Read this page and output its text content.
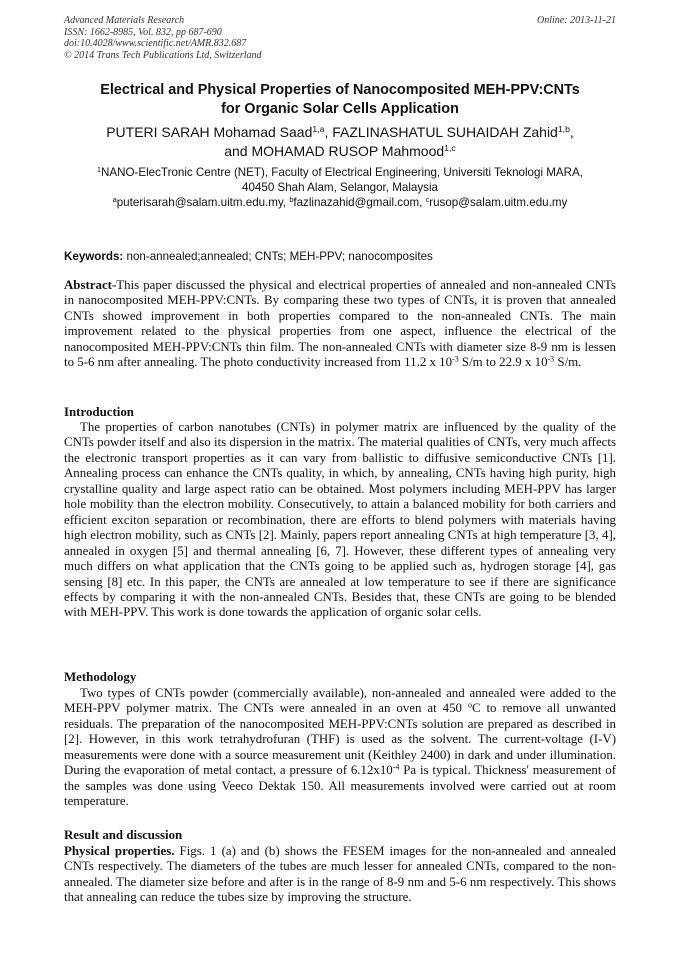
Advanced Materials Research
ISSN: 1662-8985, Vol. 832, pp 687-690
doi:10.4028/www.scientific.net/AMR.832.687
© 2014 Trans Tech Publications Ltd, Switzerland
Online: 2013-11-21
Electrical and Physical Properties of Nanocomposited MEH-PPV:CNTs
for Organic Solar Cells Application
PUTERI SARAH Mohamad Saad$^{1,a}$, FAZLINASHATUL SUHAIDAH Zahid$^{1,b}$,
and MOHAMAD RUSOP Mahmood$^{1,c}$
$^1$NANO-ElecTronic Centre (NET), Faculty of Electrical Engineering, Universiti Teknologi MARA,
40450 Shah Alam, Selangor, Malaysia
$^a$puterisarah@salam.uitm.edu.my, $^b$fazlinazahid@gmail.com, $^c$rusop@salam.uitm.edu.my
Keywords: non-annealed;annealed; CNTs; MEH-PPV; nanocomposites

Abstract-This paper discussed the physical and electrical properties of annealed and non-annealed CNTs in nanocomposited MEH-PPV:CNTs. By comparing these two types of CNTs, it is proven that annealed CNTs showed improvement in both properties compared to the non-annealed CNTs. The main improvement related to the physical properties from one aspect, influence the electrical of the nanocomposited MEH-PPV:CNTs thin film. The non-annealed CNTs with diameter size 8-9 nm is lessen to 5-6 nm after annealing. The photo conductivity increased from 11.2 x $10^{-3}$ S/m to 22.9 x $10^{-3}$ S/m.

Introduction

The properties of carbon nanotubes (CNTs) in polymer matrix are influenced by the quality of the CNTs powder itself and also its dispersion in the matrix. The material qualities of CNTs, very much affects the electronic transport properties as it can vary from ballistic to diffusive semiconductive CNTs [1]. Annealing process can enhance the CNTs quality, in which, by annealing, CNTs having high purity, high crystalline quality and large aspect ratio can be obtained. Most polymers including MEH-PPV has larger hole mobility than the electron mobility. Consecutively, to attain a balanced mobility for both carriers and efficient exciton separation or recombination, there are efforts to blend polymers with materials having high electron mobility, such as CNTs [2]. Mainly, papers report annealing CNTs at high temperature [3, 4], annealed in oxygen [5] and thermal annealing [6, 7]. However, these different types of annealing very much differs on what application that the CNTs going to be applied such as, hydrogen storage [4], gas sensing [8] etc. In this paper, the CNTs are annealed at low temperature to see if there are significance effects by comparing it with the non-annealed CNTs. Besides that, these CNTs are going to be blended with MEH-PPV. This work is done towards the application of organic solar cells.

Methodology

Two types of CNTs powder (commercially available), non-annealed and annealed were added to the MEH-PPV polymer matrix. The CNTs were annealed in an oven at 450 $^o$C to remove all unwanted residuals. The preparation of the nanocomposited MEH-PPV:CNTs solution are prepared as described in [2]. However, in this work tetrahydrofuran (THF) is used as the solvent. The current-voltage (I-V) measurements were done with a source measurement unit (Keithley 2400) in dark and under illumination. During the evaporation of metal contact, a pressure of $6.12x10^{-4}$ Pa is typical. Thickness' measurement of the samples was done using Veeco Dektak 150. All measurements involved were carried out at room temperature.

Result and discussion

Physical properties. Figs. 1 (a) and (b) shows the FESEM images for the non-annealed and annealed CNTs respectively. The diameters of the tubes are much lesser for annealed CNTs, compared to the non-annealed. The diameter size before and after is in the range of 8-9 nm and 5-6 nm respectively. This shows that annealing can reduce the tubes size by improving the structure.
